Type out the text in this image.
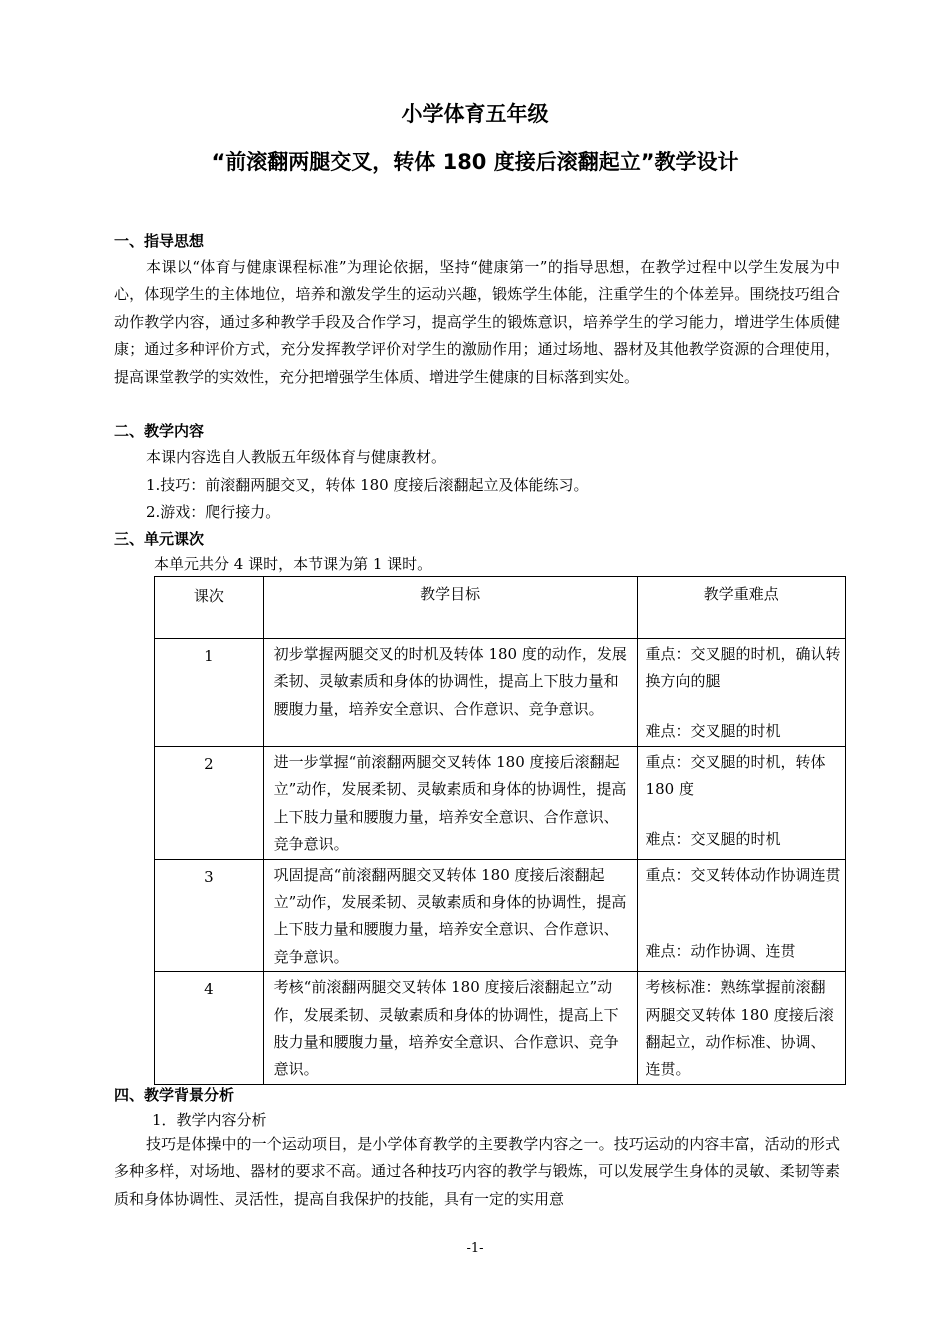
小学体育五年级
“前滚翻两腿交叉，转体 180 度接后滚翻起立”教学设计
一、指导思想
本课以“体育与健康课程标准”为理论依据，坚持“健康第一”的指导思想，在教学过程中以学生发展为中心，体现学生的主体地位，培养和激发学生的运动兴趣，锻炼学生体能，注重学生的个体差异。围绕技巧组合动作教学内容，通过多种教学手段及合作学习，提高学生的锻炼意识，培养学生的学习能力，增进学生体质健康；通过多种评价方式，充分发挥教学评价对学生的激励作用；通过场地、器材及其他教学资源的合理使用，提高课堂教学的实效性，充分把增强学生体质、增进学生健康的目标落到实处。
二、教学内容
本课内容选自人教版五年级体育与健康教材。
1.技巧：前滚翻两腿交叉，转体 180 度接后滚翻起立及体能练习。
2.游戏：爬行接力。
三、单元课次
本单元共分 4 课时，本节课为第 1 课时。
课次	教学目标	教学重难点

1	初步掌握两腿交叉的时机及转体 180 度的动作，发展柔韧、灵敏素质和身体的协调性，提高上下肢力量和腰腹力量，培养安全意识、合作意识、竞争意识。	重点：交叉腿的时机，确认转换方向的腿
难点：交叉腿的时机

2	进一步掌握“前滚翻两腿交叉转体 180 度接后滚翻起立”动作，发展柔韧、灵敏素质和身体的协调性，提高上下肢力量和腰腹力量，培养安全意识、合作意识、竞争意识。	重点：交叉腿的时机，转体 180 度
难点：交叉腿的时机

3	巩固提高“前滚翻两腿交叉转体 180 度接后滚翻起立”动作，发展柔韧、灵敏素质和身体的协调性，提高上下肢力量和腰腹力量，培养安全意识、合作意识、竞争意识。	重点：交叉转体动作协调连贯
难点：动作协调、连贯

4	考核“前滚翻两腿交叉转体 180 度接后滚翻起立”动作，发展柔韧、灵敏素质和身体的协调性，提高上下肢力量和腰腹力量，培养安全意识、合作意识、竞争意识。	考核标准：熟练掌握前滚翻两腿交叉转体 180 度接后滚翻起立，动作标准、协调、连贯。
四、教学背景分析
1．教学内容分析
技巧是体操中的一个运动项目，是小学体育教学的主要教学内容之一。技巧运动的内容丰富，活动的形式多种多样，对场地、器材的要求不高。通过各种技巧内容的教学与锻炼，可以发展学生身体的灵敏、柔韧等素质和身体协调性、灵活性，提高自我保护的技能，具有一定的实用意
-1-
